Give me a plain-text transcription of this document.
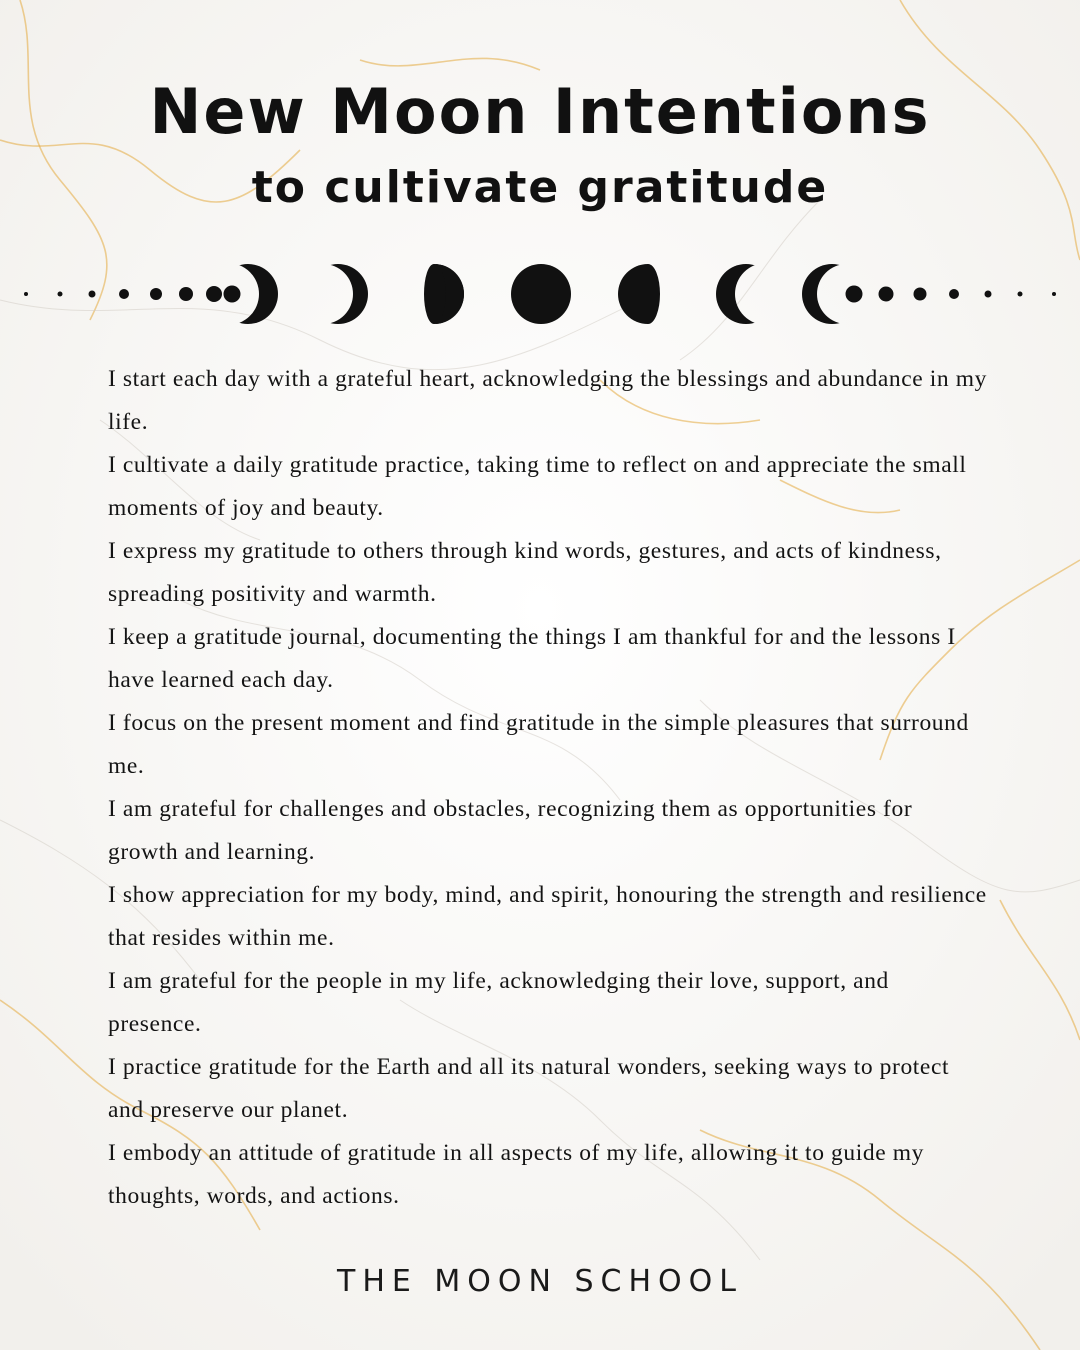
New Moon Intentions
to cultivate gratitude
I start each day with a grateful heart, acknowledging the blessings and abundance in my life.
I cultivate a daily gratitude practice, taking time to reflect on and appreciate the small moments of joy and beauty.
I express my gratitude to others through kind words, gestures, and acts of kindness, spreading positivity and warmth.
I keep a gratitude journal, documenting the things I am thankful for and the lessons I have learned each day.
I focus on the present moment and find gratitude in the simple pleasures that surround me.
I am grateful for challenges and obstacles, recognizing them as opportunities for growth and learning.
I show appreciation for my body, mind, and spirit, honouring the strength and resilience that resides within me.
I am grateful for the people in my life, acknowledging their love, support, and presence.
I practice gratitude for the Earth and all its natural wonders, seeking ways to protect and preserve our planet.
I embody an attitude of gratitude in all aspects of my life, allowing it to guide my thoughts, words, and actions.
THE MOON SCHOOL
